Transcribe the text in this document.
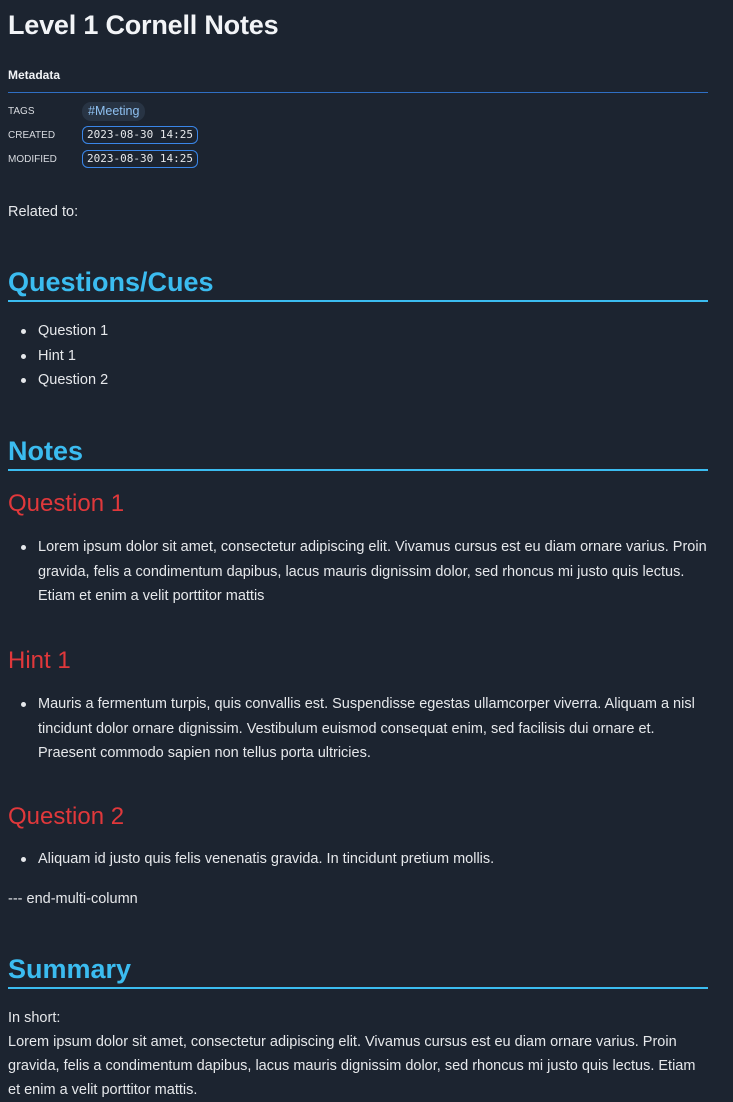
Level 1 Cornell Notes
Metadata
TAGS	#Meeting
CREATED	2023-08-30 14:25
MODIFIED	2023-08-30 14:25
Related to:
Questions/Cues
Question 1
Hint 1
Question 2
Notes
Question 1
Lorem ipsum dolor sit amet, consectetur adipiscing elit. Vivamus cursus est eu diam ornare varius. Proin gravida, felis a condimentum dapibus, lacus mauris dignissim dolor, sed rhoncus mi justo quis lectus. Etiam et enim a velit porttitor mattis
Hint 1
Mauris a fermentum turpis, quis convallis est. Suspendisse egestas ullamcorper viverra. Aliquam a nisl tincidunt dolor ornare dignissim. Vestibulum euismod consequat enim, sed facilisis dui ornare et. Praesent commodo sapien non tellus porta ultricies.
Question 2
Aliquam id justo quis felis venenatis gravida. In tincidunt pretium mollis.
--- end-multi-column
Summary
In short:
Lorem ipsum dolor sit amet, consectetur adipiscing elit. Vivamus cursus est eu diam ornare varius. Proin gravida, felis a condimentum dapibus, lacus mauris dignissim dolor, sed rhoncus mi justo quis lectus. Etiam et enim a velit porttitor mattis.
